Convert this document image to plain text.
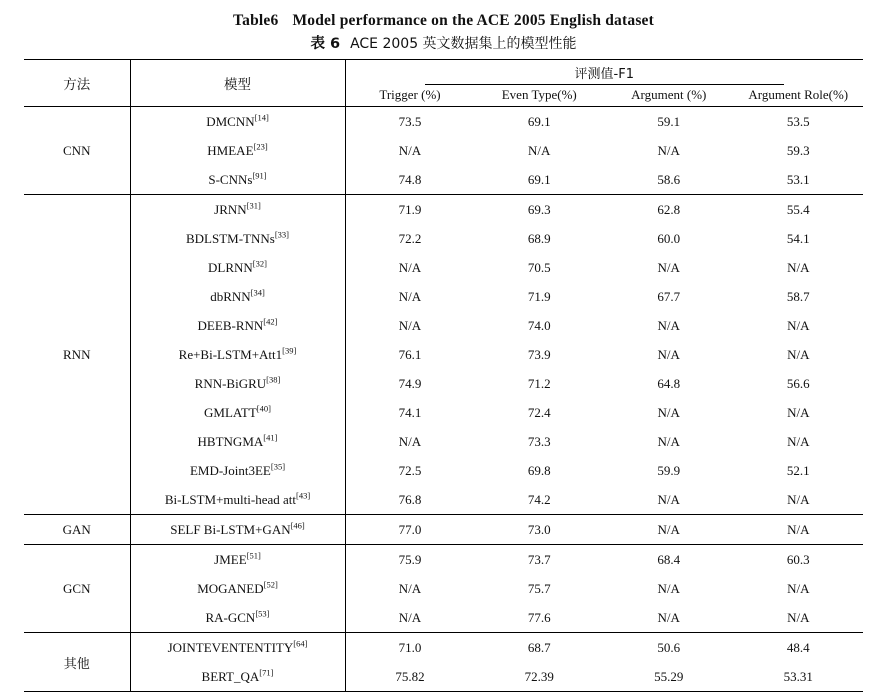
Table6 Model performance on the ACE 2005 English dataset
表 6 ACE 2005 英文数据集上的模型性能
方法	模型	评测值-F1			
		Trigger (%)	Even Type(%)	Argument (%)	Argument Role(%)
CNN	DMCNN[14]	73.5	69.1	59.1	53.5
	HMEAE[23]	N/A	N/A	N/A	59.3
	S-CNNs[91]	74.8	69.1	58.6	53.1
RNN	JRNN[31]	71.9	69.3	62.8	55.4
	BDLSTM-TNNs[33]	72.2	68.9	60.0	54.1
	DLRNN[32]	N/A	70.5	N/A	N/A
	dbRNN[34]	N/A	71.9	67.7	58.7
	DEEB-RNN[42]	N/A	74.0	N/A	N/A
	Re+Bi-LSTM+Att1[39]	76.1	73.9	N/A	N/A
	RNN-BiGRU[38]	74.9	71.2	64.8	56.6
	GMLATT[40]	74.1	72.4	N/A	N/A
	HBTNGMA[41]	N/A	73.3	N/A	N/A
	EMD-Joint3EE[35]	72.5	69.8	59.9	52.1
	Bi-LSTM+multi-head att[43]	76.8	74.2	N/A	N/A
GAN	SELF Bi-LSTM+GAN[46]	77.0	73.0	N/A	N/A
GCN	JMEE[51]	75.9	73.7	68.4	60.3
	MOGANED[52]	N/A	75.7	N/A	N/A
	RA-GCN[53]	N/A	77.6	N/A	N/A
其他	JOINTEVENTENTITY[64]	71.0	68.7	50.6	48.4
	BERT_QA[71]	75.82	72.39	55.29	53.31
